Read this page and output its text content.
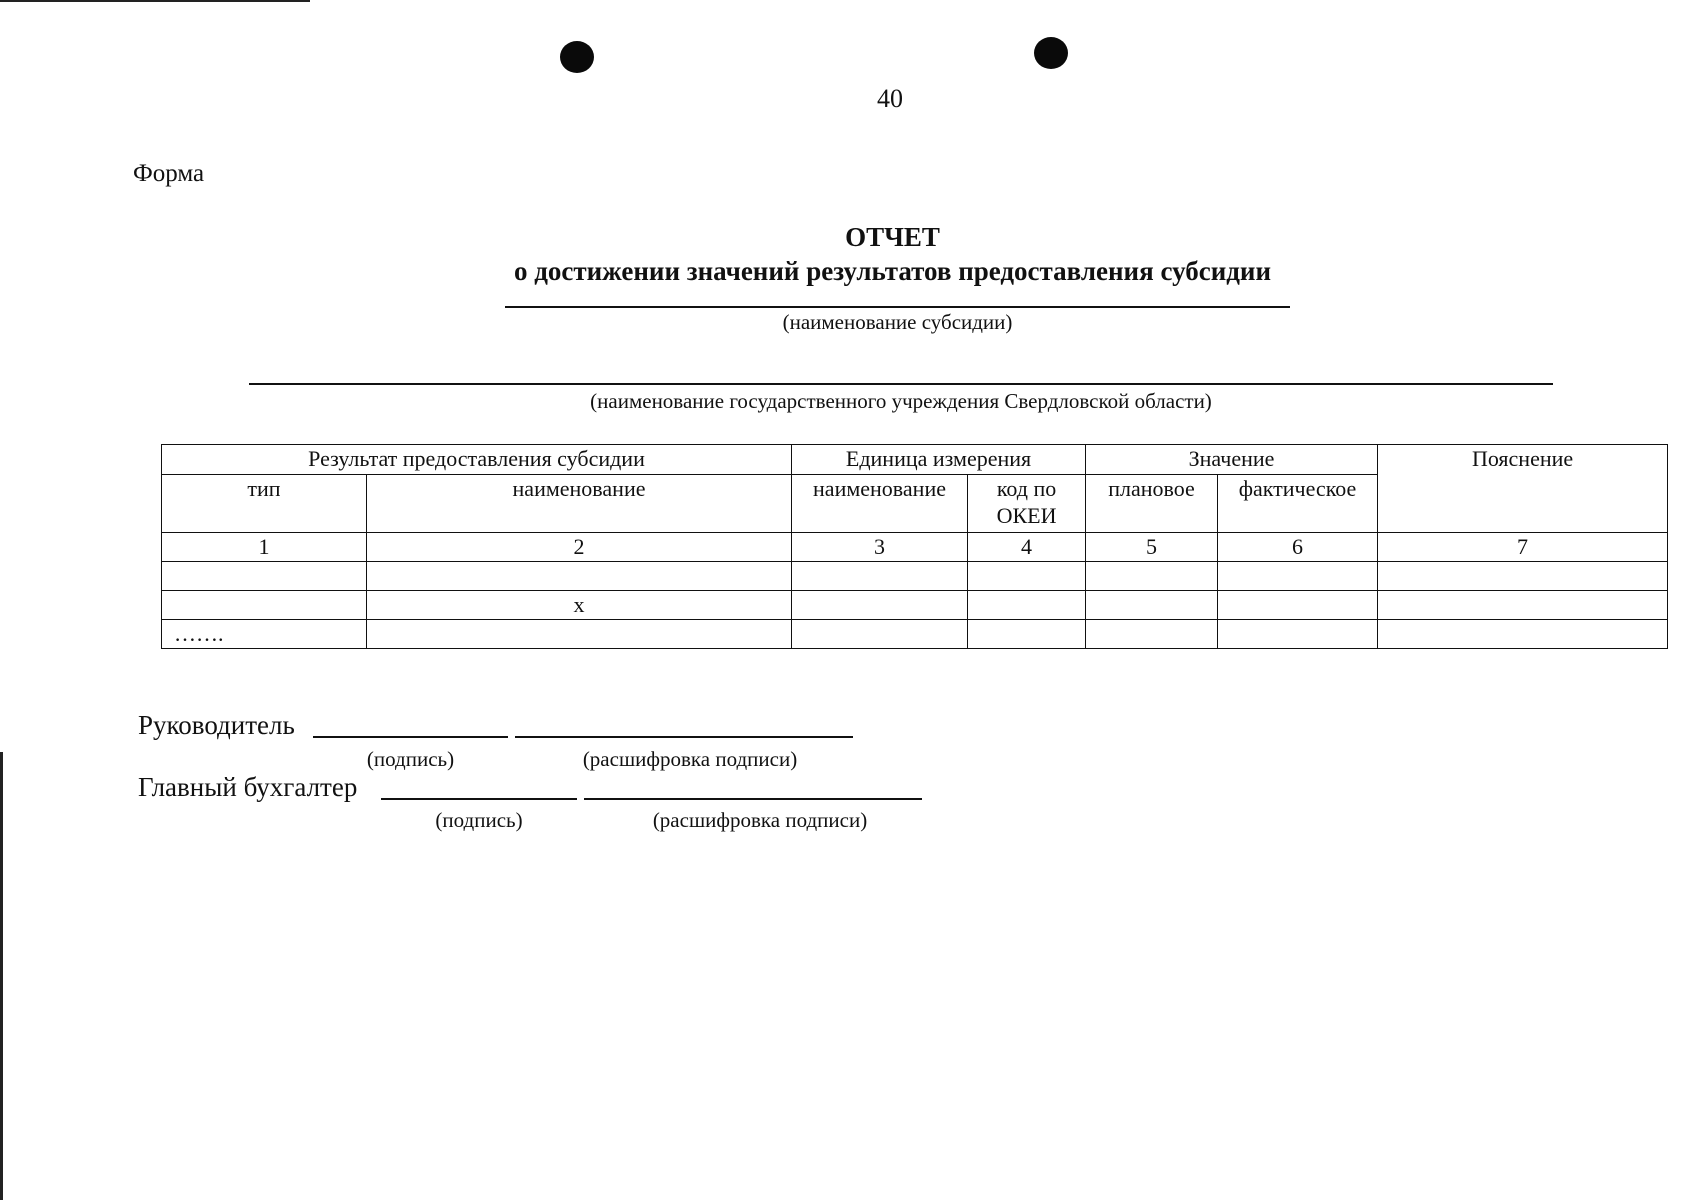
40
Форма
ОТЧЕТ
о достижении значений результатов предоставления субсидии
(наименование субсидии)
(наименование государственного учреждения Свердловской области)
Результат предоставления субсидии		Единица измерения		Значение		Пояснение
тип	наименование	наименование	код по ОКЕИ	плановое	фактическое	
1	2	3	4	5	6	7

	x					
…….						
Руководитель
(подпись)	(расшифровка подписи)
Главный бухгалтер
(подпись)	(расшифровка подписи)
